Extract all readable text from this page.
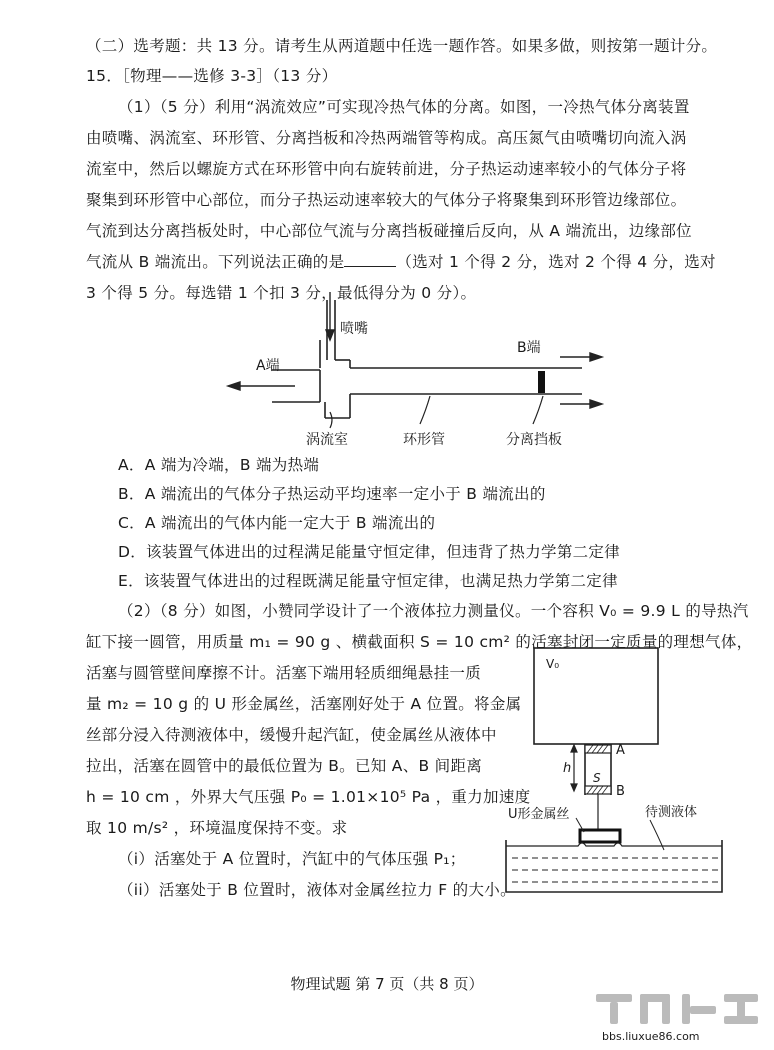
（二）选考题：共 13 分。请考生从两道题中任选一题作答。如果多做，则按第一题计分。
15．［物理——选修 3-3］（13 分）
（1）（5 分）利用“涡流效应”可实现冷热气体的分离。如图，一冷热气体分离装置
由喷嘴、涡流室、环形管、分离挡板和冷热两端管等构成。高压氮气由喷嘴切向流入涡
流室中，然后以螺旋方式在环形管中向右旋转前进，分子热运动速率较小的气体分子将
聚集到环形管中心部位，而分子热运动速率较大的气体分子将聚集到环形管边缘部位。
气流到达分离挡板处时，中心部位气流与分离挡板碰撞后反向，从 A 端流出，边缘部位
气流从 B 端流出。下列说法正确的是	（选对 1 个得 2 分，选对 2 个得 4 分，选对
3 个得 5 分。每选错 1 个扣 3 分，最低得分为 0 分）。
喷嘴
A端
B端
涡流室	环形管	分离挡板
A．A 端为冷端，B 端为热端
B．A 端流出的气体分子热运动平均速率一定小于 B 端流出的
C．A 端流出的气体内能一定大于 B 端流出的
D．该装置气体进出的过程满足能量守恒定律，但违背了热力学第二定律
E．该装置气体进出的过程既满足能量守恒定律，也满足热力学第二定律
（2）（8 分）如图，小赞同学设计了一个液体拉力测量仪。一个容积 V₀ = 9.9 L 的导热汽
缸下接一圆管，用质量 m₁ = 90 g 、横截面积 S = 10 cm² 的活塞封闭一定质量的理想气体，
活塞与圆管壁间摩擦不计。活塞下端用轻质细绳悬挂一质
量 m₂ = 10 g 的 U 形金属丝，活塞刚好处于 A 位置。将金属
丝部分浸入待测液体中，缓慢升起汽缸，使金属丝从液体中
拉出，活塞在圆管中的最低位置为 B。已知 A、B 间距离
h = 10 cm ，外界大气压强 P₀ = 1.01×10⁵ Pa ，重力加速度
取 10 m/s² ，环境温度保持不变。求
（i）活塞处于 A 位置时，汽缸中的气体压强 P₁；
（ii）活塞处于 B 位置时，液体对金属丝拉力 F 的大小。
V₀
A
B
h
S
U形金属丝	待测液体
物理试题 第 7 页（共 8 页）
bbs.liuxue86.com
